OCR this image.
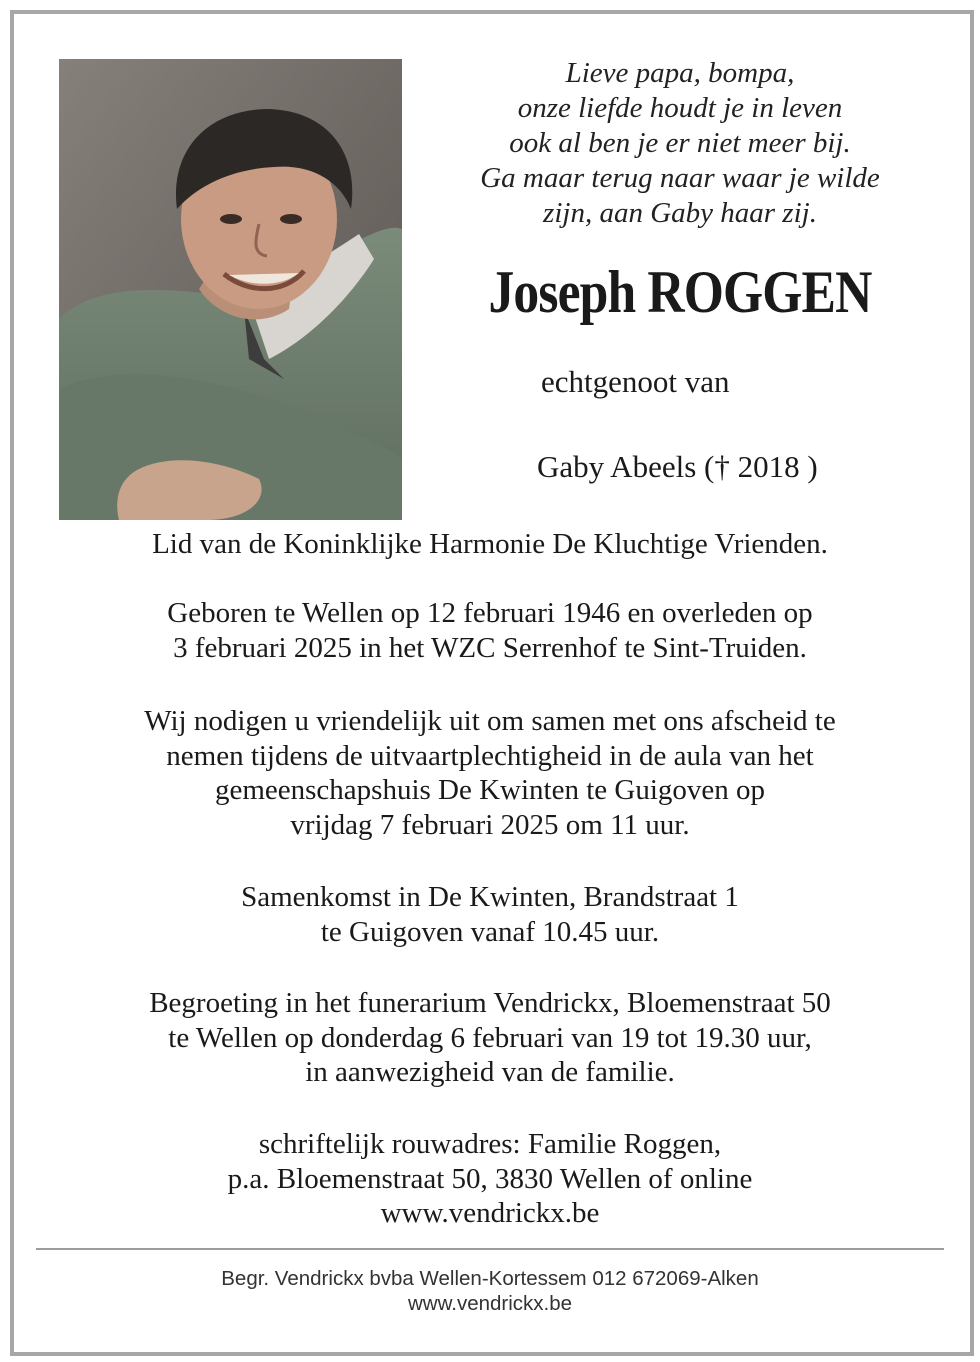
Lieve papa, bompa,
onze liefde houdt je in leven
ook al ben je er niet meer bij.
Ga maar terug naar waar je wilde
zijn, aan Gaby haar zij.
Joseph ROGGEN
echtgenoot van
Gaby Abeels († 2018 )
Lid van de Koninklijke Harmonie De Kluchtige Vrienden.
Geboren te Wellen op 12 februari 1946 en overleden op
3 februari 2025 in het WZC Serrenhof te Sint-Truiden.
Wij nodigen u vriendelijk uit om samen met ons afscheid te
nemen tijdens de uitvaartplechtigheid in de aula van het
gemeenschapshuis De Kwinten te Guigoven op
vrijdag 7 februari 2025 om 11 uur.
Samenkomst in De Kwinten, Brandstraat 1
te Guigoven vanaf 10.45 uur.
Begroeting in het funerarium Vendrickx, Bloemenstraat 50
te Wellen op donderdag 6 februari van 19 tot 19.30 uur,
in aanwezigheid van de familie.
schriftelijk rouwadres: Familie Roggen,
p.a. Bloemenstraat 50, 3830 Wellen of online
www.vendrickx.be
Begr. Vendrickx bvba Wellen-Kortessem 012 672069-Alken
www.vendrickx.be
